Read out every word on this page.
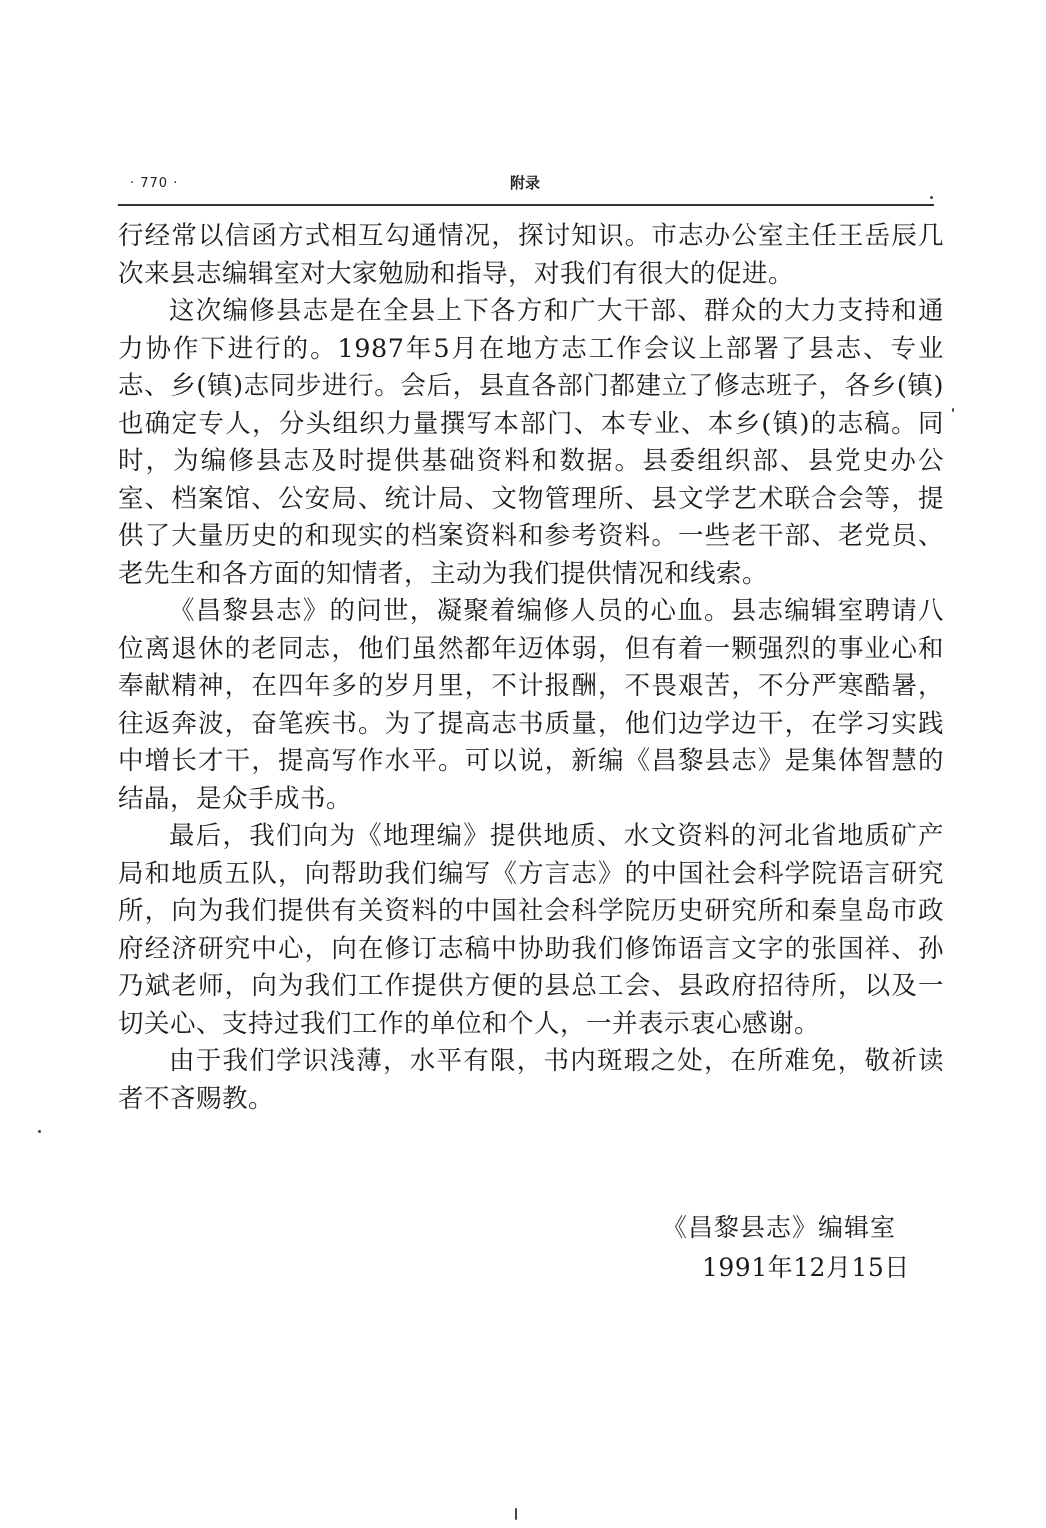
· 770 ·	附录

行经常以信函方式相互勾通情况，探讨知识。市志办公室主任王岳辰几次来县志编辑室对大家勉励和指导，对我们有很大的促进。

这次编修县志是在全县上下各方和广大干部、群众的大力支持和通力协作下进行的。1987年5月在地方志工作会议上部署了县志、专业志、乡(镇)志同步进行。会后，县直各部门都建立了修志班子，各乡(镇)也确定专人，分头组织力量撰写本部门、本专业、本乡(镇)的志稿。同时，为编修县志及时提供基础资料和数据。县委组织部、县党史办公室、档案馆、公安局、统计局、文物管理所、县文学艺术联合会等，提供了大量历史的和现实的档案资料和参考资料。一些老干部、老党员、老先生和各方面的知情者，主动为我们提供情况和线索。

《昌黎县志》的问世，凝聚着编修人员的心血。县志编辑室聘请八位离退休的老同志，他们虽然都年迈体弱，但有着一颗强烈的事业心和奉献精神，在四年多的岁月里，不计报酬，不畏艰苦，不分严寒酷暑，往返奔波，奋笔疾书。为了提高志书质量，他们边学边干，在学习实践中增长才干，提高写作水平。可以说，新编《昌黎县志》是集体智慧的结晶，是众手成书。

最后，我们向为《地理编》提供地质、水文资料的河北省地质矿产局和地质五队，向帮助我们编写《方言志》的中国社会科学院语言研究所，向为我们提供有关资料的中国社会科学院历史研究所和秦皇岛市政府经济研究中心，向在修订志稿中协助我们修饰语言文字的张国祥、孙乃斌老师，向为我们工作提供方便的县总工会、县政府招待所，以及一切关心、支持过我们工作的单位和个人，一并表示衷心感谢。

由于我们学识浅薄，水平有限，书内斑瑕之处，在所难免，敬祈读者不吝赐教。

《昌黎县志》编辑室
1991年12月15日
